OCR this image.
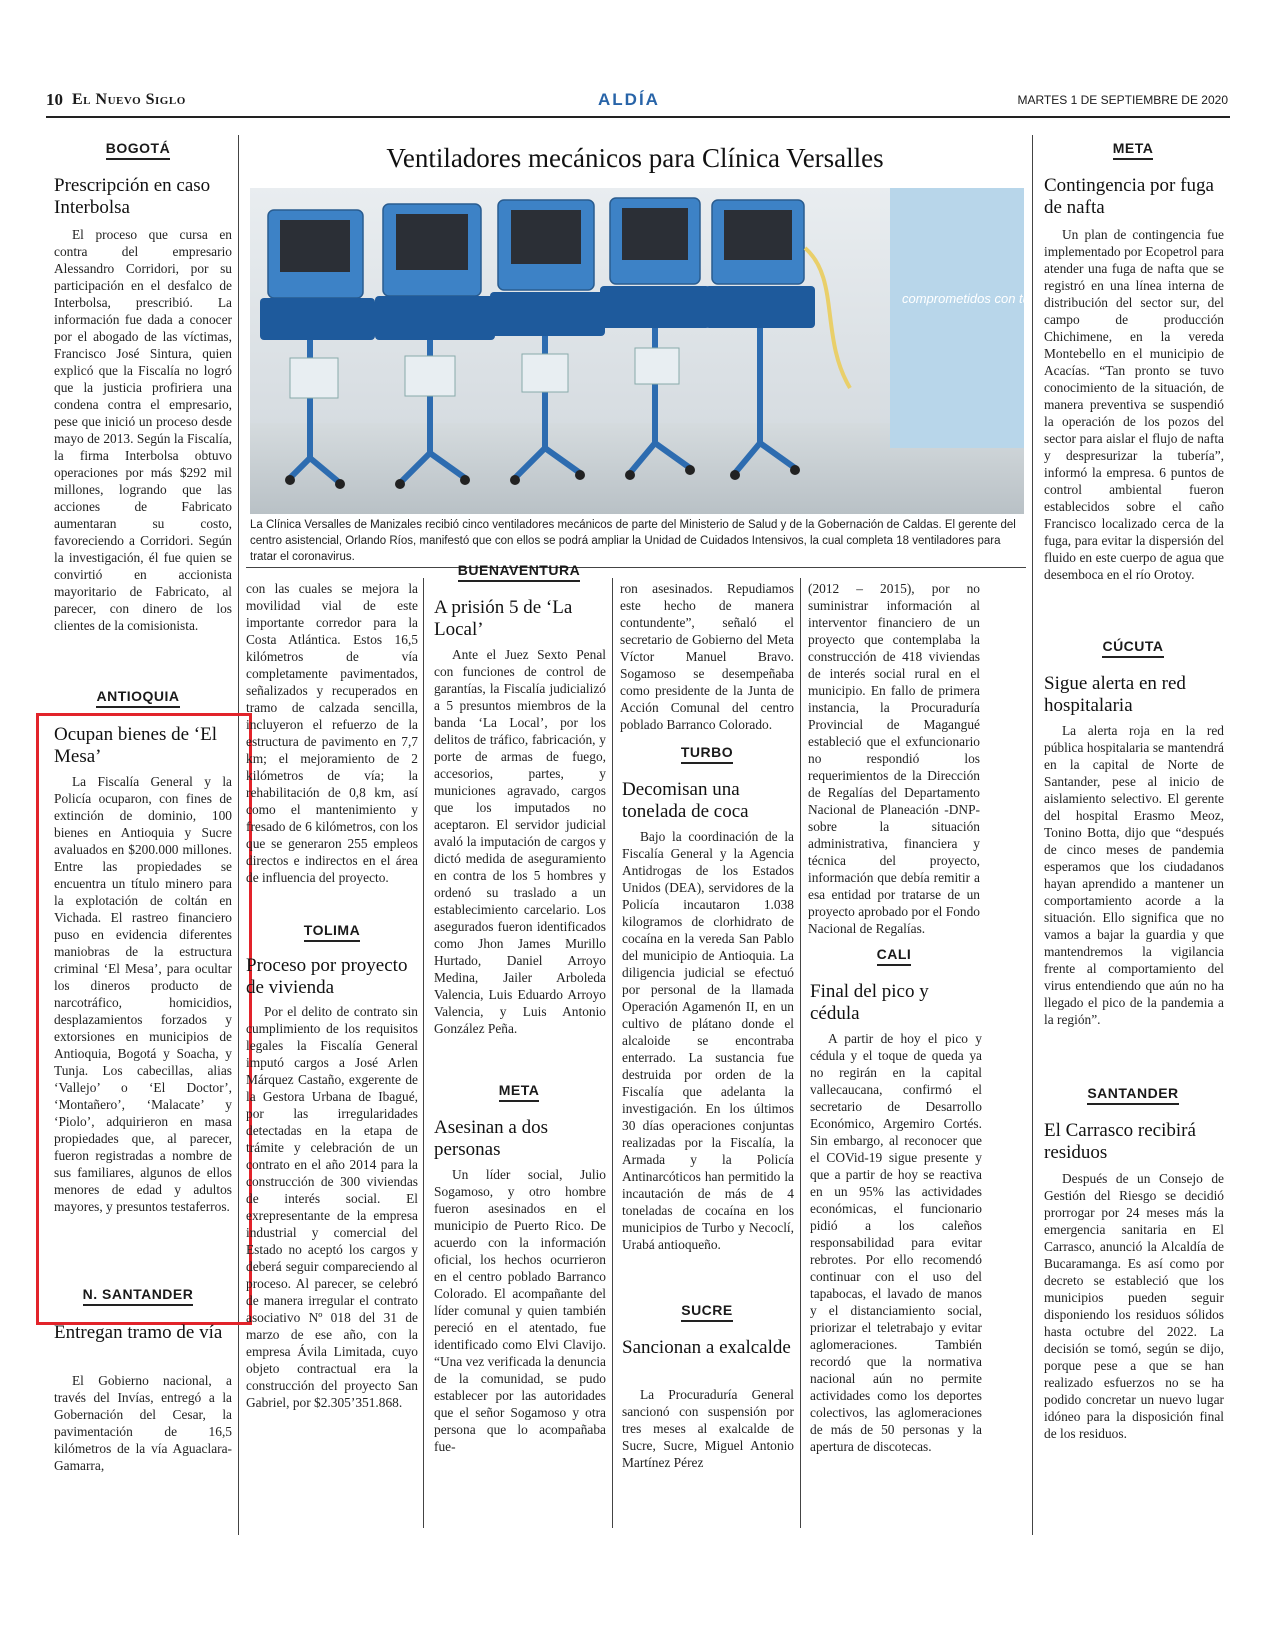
10 El Nuevo Siglo	ALDÍA	MARTES 1 DE SEPTIEMBRE DE 2020
Ventiladores mecánicos para Clínica Versalles
comprometidos con tu salud
La Clínica Versalles de Manizales recibió cinco ventiladores mecánicos de parte del Ministerio de Salud y de la Gobernación de Caldas. El gerente del centro asistencial, Orlando Ríos, manifestó que con ellos se podrá ampliar la Unidad de Cuidados Intensivos, la cual completa 18 ventiladores para tratar el coronavirus.
BOGOTÁ
Prescripción en caso Interbolsa

El proceso que cursa en contra del empresario Alessandro Corridori, por su participación en el desfalco de Interbolsa, prescribió. La información fue dada a conocer por el abogado de las víctimas, Francisco José Sintura, quien explicó que la Fiscalía no logró que la justicia profiriera una condena contra el empresario, pese que inició un proceso desde mayo de 2013. Según la Fiscalía, la firma Interbolsa obtuvo operaciones por más $292 mil millones, logrando que las acciones de Fabricato aumentaran su costo, favoreciendo a Corridori. Según la investigación, él fue quien se convirtió en accionista mayoritario de Fabricato, al parecer, con dinero de los clientes de la comisionista.

ANTIOQUIA
Ocupan bienes de ‘El Mesa’

La Fiscalía General y la Policía ocuparon, con fines de extinción de dominio, 100 bienes en Antioquia y Sucre avaluados en $200.000 millones. Entre las propiedades se encuentra un título minero para la explotación de coltán en Vichada. El rastreo financiero puso en evidencia diferentes maniobras de la estructura criminal ‘El Mesa’, para ocultar los dineros producto de narcotráfico, homicidios, desplazamientos forzados y extorsiones en municipios de Antioquia, Bogotá y Soacha, y Tunja. Los cabecillas, alias ‘Vallejo’ o ‘El Doctor’, ‘Montañero’, ‘Malacate’ y ‘Piolo’, adquirieron en masa propiedades que, al parecer, fueron registradas a nombre de sus familiares, algunos de ellos menores de edad y adultos mayores, y presuntos testaferros.

N. SANTANDER
Entregan tramo de vía

El Gobierno nacional, a través del Invías, entregó a la Gobernación del Cesar, la pavimentación de 16,5 kilómetros de la vía Aguaclara-Gamarra,

con las cuales se mejora la movilidad vial de este importante corredor para la Costa Atlántica. Estos 16,5 kilómetros de vía completamente pavimentados, señalizados y recuperados en tramo de calzada sencilla, incluyeron el refuerzo de la estructura de pavimento en 7,7 km; el mejoramiento de 2 kilómetros de vía; la rehabilitación de 0,8 km, así como el mantenimiento y fresado de 6 kilómetros, con los que se generaron 255 empleos directos e indirectos en el área de influencia del proyecto.

TOLIMA
Proceso por proyecto de vivienda

Por el delito de contrato sin cumplimiento de los requisitos legales la Fiscalía General imputó cargos a José Arlen Márquez Castaño, exgerente de la Gestora Urbana de Ibagué, por las irregularidades detectadas en la etapa de trámite y celebración de un contrato en el año 2014 para la construcción de 300 viviendas de interés social. El exrepresentante de la empresa industrial y comercial del Estado no aceptó los cargos y deberá seguir compareciendo al proceso. Al parecer, se celebró de manera irregular el contrato asociativo Nº 018 del 31 de marzo de ese año, con la empresa Ávila Limitada, cuyo objeto contractual era la construcción del proyecto San Gabriel, por $2.305’351.868.

BUENAVENTURA
A prisión 5 de ‘La Local’

Ante el Juez Sexto Penal con funciones de control de garantías, la Fiscalía judicializó a 5 presuntos miembros de la banda ‘La Local’, por los delitos de tráfico, fabricación, y porte de armas de fuego, accesorios, partes, y municiones agravado, cargos que los imputados no aceptaron. El servidor judicial avaló la imputación de cargos y dictó medida de aseguramiento en contra de los 5 hombres y ordenó su traslado a un establecimiento carcelario. Los asegurados fueron identificados como Jhon James Murillo Hurtado, Daniel Arroyo Medina, Jailer Arboleda Valencia, Luis Eduardo Arroyo Valencia, y Luis Antonio González Peña.

META
Asesinan a dos personas

Un líder social, Julio Sogamoso, y otro hombre fueron asesinados en el municipio de Puerto Rico. De acuerdo con la información oficial, los hechos ocurrieron en el centro poblado Barranco Colorado. El acompañante del líder comunal y quien también pereció en el atentado, fue identificado como Elvi Clavijo. “Una vez verificada la denuncia de la comunidad, se pudo establecer por las autoridades que el señor Sogamoso y otra persona que lo acompañaba fue-

ron asesinados. Repudiamos este hecho de manera contundente”, señaló el secretario de Gobierno del Meta Víctor Manuel Bravo. Sogamoso se desempeñaba como presidente de la Junta de Acción Comunal del centro poblado Barranco Colorado.

TURBO
Decomisan una tonelada de coca

Bajo la coordinación de la Fiscalía General y la Agencia Antidrogas de los Estados Unidos (DEA), servidores de la Policía incautaron 1.038 kilogramos de clorhidrato de cocaína en la vereda San Pablo del municipio de Antioquia. La diligencia judicial se efectuó por personal de la llamada Operación Agamenón II, en un cultivo de plátano donde el alcaloide se encontraba enterrado. La sustancia fue destruida por orden de la Fiscalía que adelanta la investigación. En los últimos 30 días operaciones conjuntas realizadas por la Fiscalía, la Armada y la Policía Antinarcóticos han permitido la incautación de más de 4 toneladas de cocaína en los municipios de Turbo y Necoclí, Urabá antioqueño.

SUCRE
Sancionan a exalcalde

La Procuraduría General sancionó con suspensión por tres meses al exalcalde de Sucre, Sucre, Miguel Antonio Martínez Pérez

(2012 – 2015), por no suministrar información al interventor financiero de un proyecto que contemplaba la construcción de 418 viviendas de interés social rural en el municipio. En fallo de primera instancia, la Procuraduría Provincial de Magangué estableció que el exfuncionario no respondió los requerimientos de la Dirección de Regalías del Departamento Nacional de Planeación -DNP- sobre la situación administrativa, financiera y técnica del proyecto, información que debía remitir a esa entidad por tratarse de un proyecto aprobado por el Fondo Nacional de Regalías.

CALI
Final del pico y cédula

A partir de hoy el pico y cédula y el toque de queda ya no regirán en la capital vallecaucana, confirmó el secretario de Desarrollo Económico, Argemiro Cortés. Sin embargo, al reconocer que el COVid-19 sigue presente y que a partir de hoy se reactiva en un 95% las actividades económicas, el funcionario pidió a los caleños responsabilidad para evitar rebrotes. Por ello recomendó continuar con el uso del tapabocas, el lavado de manos y el distanciamiento social, priorizar el teletrabajo y evitar aglomeraciones. También recordó que la normativa nacional aún no permite actividades como los deportes colectivos, las aglomeraciones de más de 50 personas y la apertura de discotecas.

META
Contingencia por fuga de nafta

Un plan de contingencia fue implementado por Ecopetrol para atender una fuga de nafta que se registró en una línea interna de distribución del sector sur, del campo de producción Chichimene, en la vereda Montebello en el municipio de Acacías. “Tan pronto se tuvo conocimiento de la situación, de manera preventiva se suspendió la operación de los pozos del sector para aislar el flujo de nafta y despresurizar la tubería”, informó la empresa. 6 puntos de control ambiental fueron establecidos sobre el caño Francisco localizado cerca de la fuga, para evitar la dispersión del fluido en este cuerpo de agua que desemboca en el río Orotoy.

CÚCUTA
Sigue alerta en red hospitalaria

La alerta roja en la red pública hospitalaria se mantendrá en la capital de Norte de Santander, pese al inicio de aislamiento selectivo. El gerente del hospital Erasmo Meoz, Tonino Botta, dijo que “después de cinco meses de pandemia esperamos que los ciudadanos hayan aprendido a mantener un comportamiento acorde a la situación. Ello significa que no vamos a bajar la guardia y que mantendremos la vigilancia frente al comportamiento del virus entendiendo que aún no ha llegado el pico de la pandemia a la región”.

SANTANDER
El Carrasco recibirá residuos

Después de un Consejo de Gestión del Riesgo se decidió prorrogar por 24 meses más la emergencia sanitaria en El Carrasco, anunció la Alcaldía de Bucaramanga. Es así como por decreto se estableció que los municipios pueden seguir disponiendo los residuos sólidos hasta octubre del 2022. La decisión se tomó, según se dijo, porque pese a que se han realizado esfuerzos no se ha podido concretar un nuevo lugar idóneo para la disposición final de los residuos.
